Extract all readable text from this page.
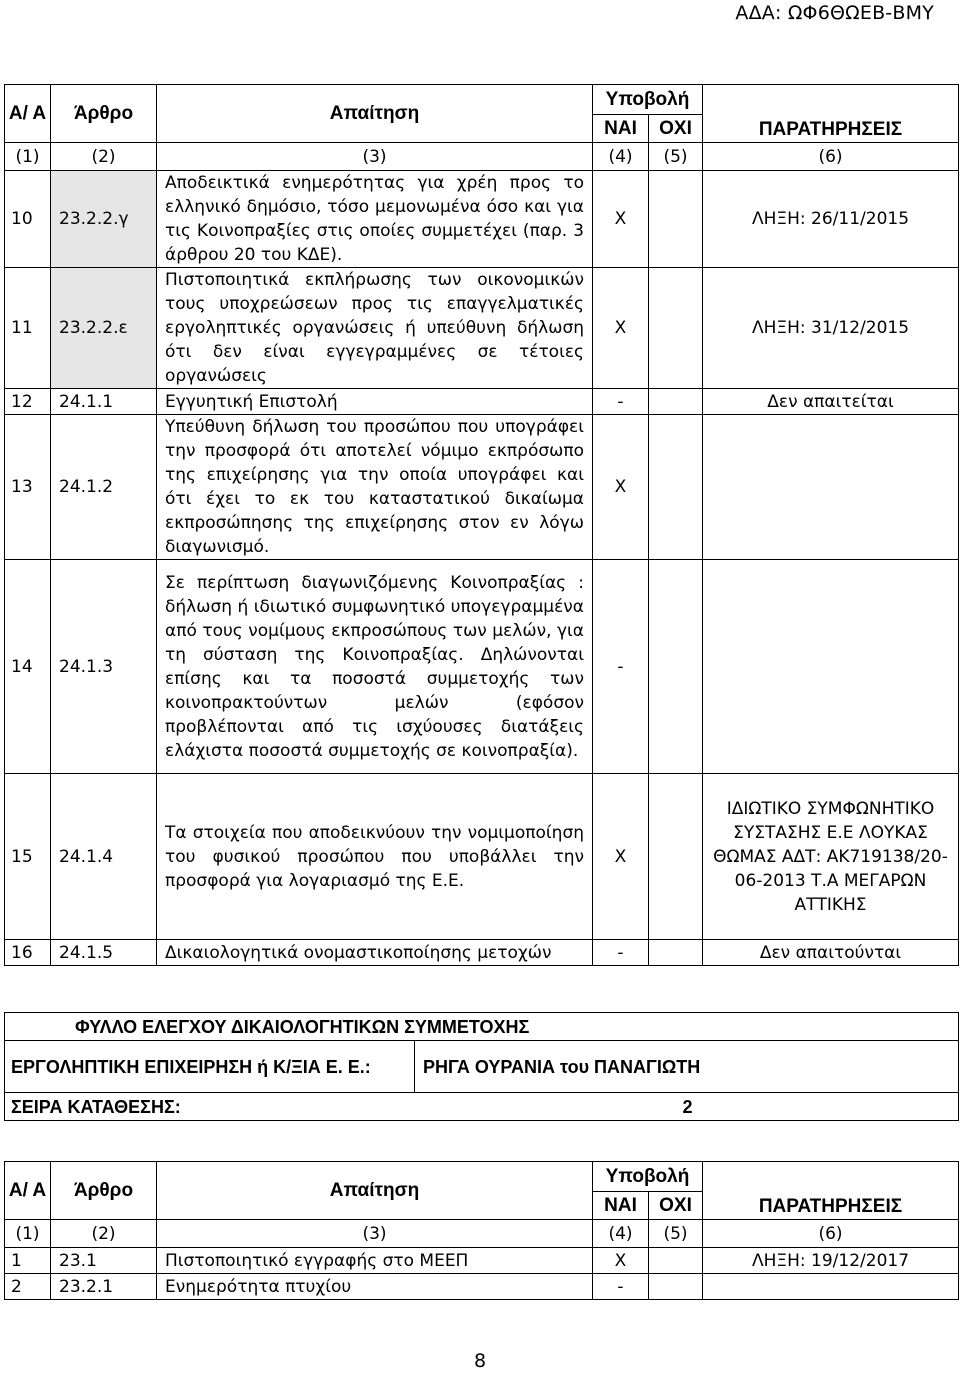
ΑΔΑ: ΩΦ6ΘΩΕΒ-ΒΜΥ
Α/ Α	Άρθρο	Απαίτηση	Υποβολή		ΠΑΡΑΤΗΡΗΣΕΙΣ
			ΝΑΙ	ΟΧΙ	
(1)	(2)	(3)	(4)	(5)	(6)
10	23.2.2.γ	Αποδεικτικά ενημερότητας για χρέη προς το ελληνικό δημόσιο, τόσο μεμονωμένα όσο και για τις Κοινοπραξίες στις οποίες συμμετέχει (παρ. 3 άρθρου 20 του ΚΔΕ).	Χ		ΛΗΞΗ: 26/11/2015
11	23.2.2.ε	Πιστοποιητικά εκπλήρωσης των οικονομικών τους υποχρεώσεων προς τις επαγγελματικές εργοληπτικές οργανώσεις ή υπεύθυνη δήλωση ότι δεν είναι εγγεγραμμένες σε τέτοιες οργανώσεις	Χ		ΛΗΞΗ: 31/12/2015
12	24.1.1	Εγγυητική Επιστολή	-		Δεν απαιτείται
13	24.1.2	Υπεύθυνη δήλωση του προσώπου που υπογράφει την προσφορά ότι αποτελεί νόμιμο εκπρόσωπο της επιχείρησης για την οποία υπογράφει και ότι έχει το εκ του καταστατικού δικαίωμα εκπροσώπησης της επιχείρησης στον εν λόγω διαγωνισμό.	Χ		
14	24.1.3	Σε περίπτωση διαγωνιζόμενης Κοινοπραξίας : δήλωση ή ιδιωτικό συμφωνητικό υπογεγραμμένα από τους νομίμους εκπροσώπους των μελών, για τη σύσταση της Κοινοπραξίας. Δηλώνονται επίσης και τα ποσοστά συμμετοχής των κοινοπρακτούντων μελών (εφόσον προβλέπονται από τις ισχύουσες διατάξεις ελάχιστα ποσοστά συμμετοχής σε κοινοπραξία).	-		
15	24.1.4	Τα στοιχεία που αποδεικνύουν την νομιμοποίηση του φυσικού προσώπου που υποβάλλει την προσφορά για λογαριασμό της Ε.Ε.	Χ		ΙΔΙΩΤΙΚΟ ΣΥΜΦΩΝΗΤΙΚΟ ΣΥΣΤΑΣΗΣ Ε.Ε ΛΟΥΚΑΣ ΘΩΜΑΣ ΑΔΤ: ΑΚ719138/20-06-2013 Τ.Α ΜΕΓΑΡΩΝ ΑΤΤΙΚΗΣ
16	24.1.5	Δικαιολογητικά ονομαστικοποίησης μετοχών	-		Δεν απαιτούνται
ΦΥΛΛΟ ΕΛΕΓΧΟΥ ΔΙΚΑΙΟΛΟΓΗΤΙΚΩΝ ΣΥΜΜΕΤΟΧΗΣ
ΕΡΓΟΛΗΠΤΙΚΗ ΕΠΙΧΕΙΡΗΣΗ ή Κ/ΞΙΑ Ε. Ε.:	ΡΗΓΑ ΟΥΡΑΝΙΑ του ΠΑΝΑΓΙΩΤΗ
ΣΕΙΡΑ ΚΑΤΑΘΕΣΗΣ:	2
Α/ Α	Άρθρο	Απαίτηση	Υποβολή		ΠΑΡΑΤΗΡΗΣΕΙΣ
			ΝΑΙ	ΟΧΙ	
(1)	(2)	(3)	(4)	(5)	(6)
1	23.1	Πιστοποιητικό εγγραφής στο ΜΕΕΠ	Χ		ΛΗΞΗ: 19/12/2017
2	23.2.1	Ενημερότητα πτυχίου	-		
8
